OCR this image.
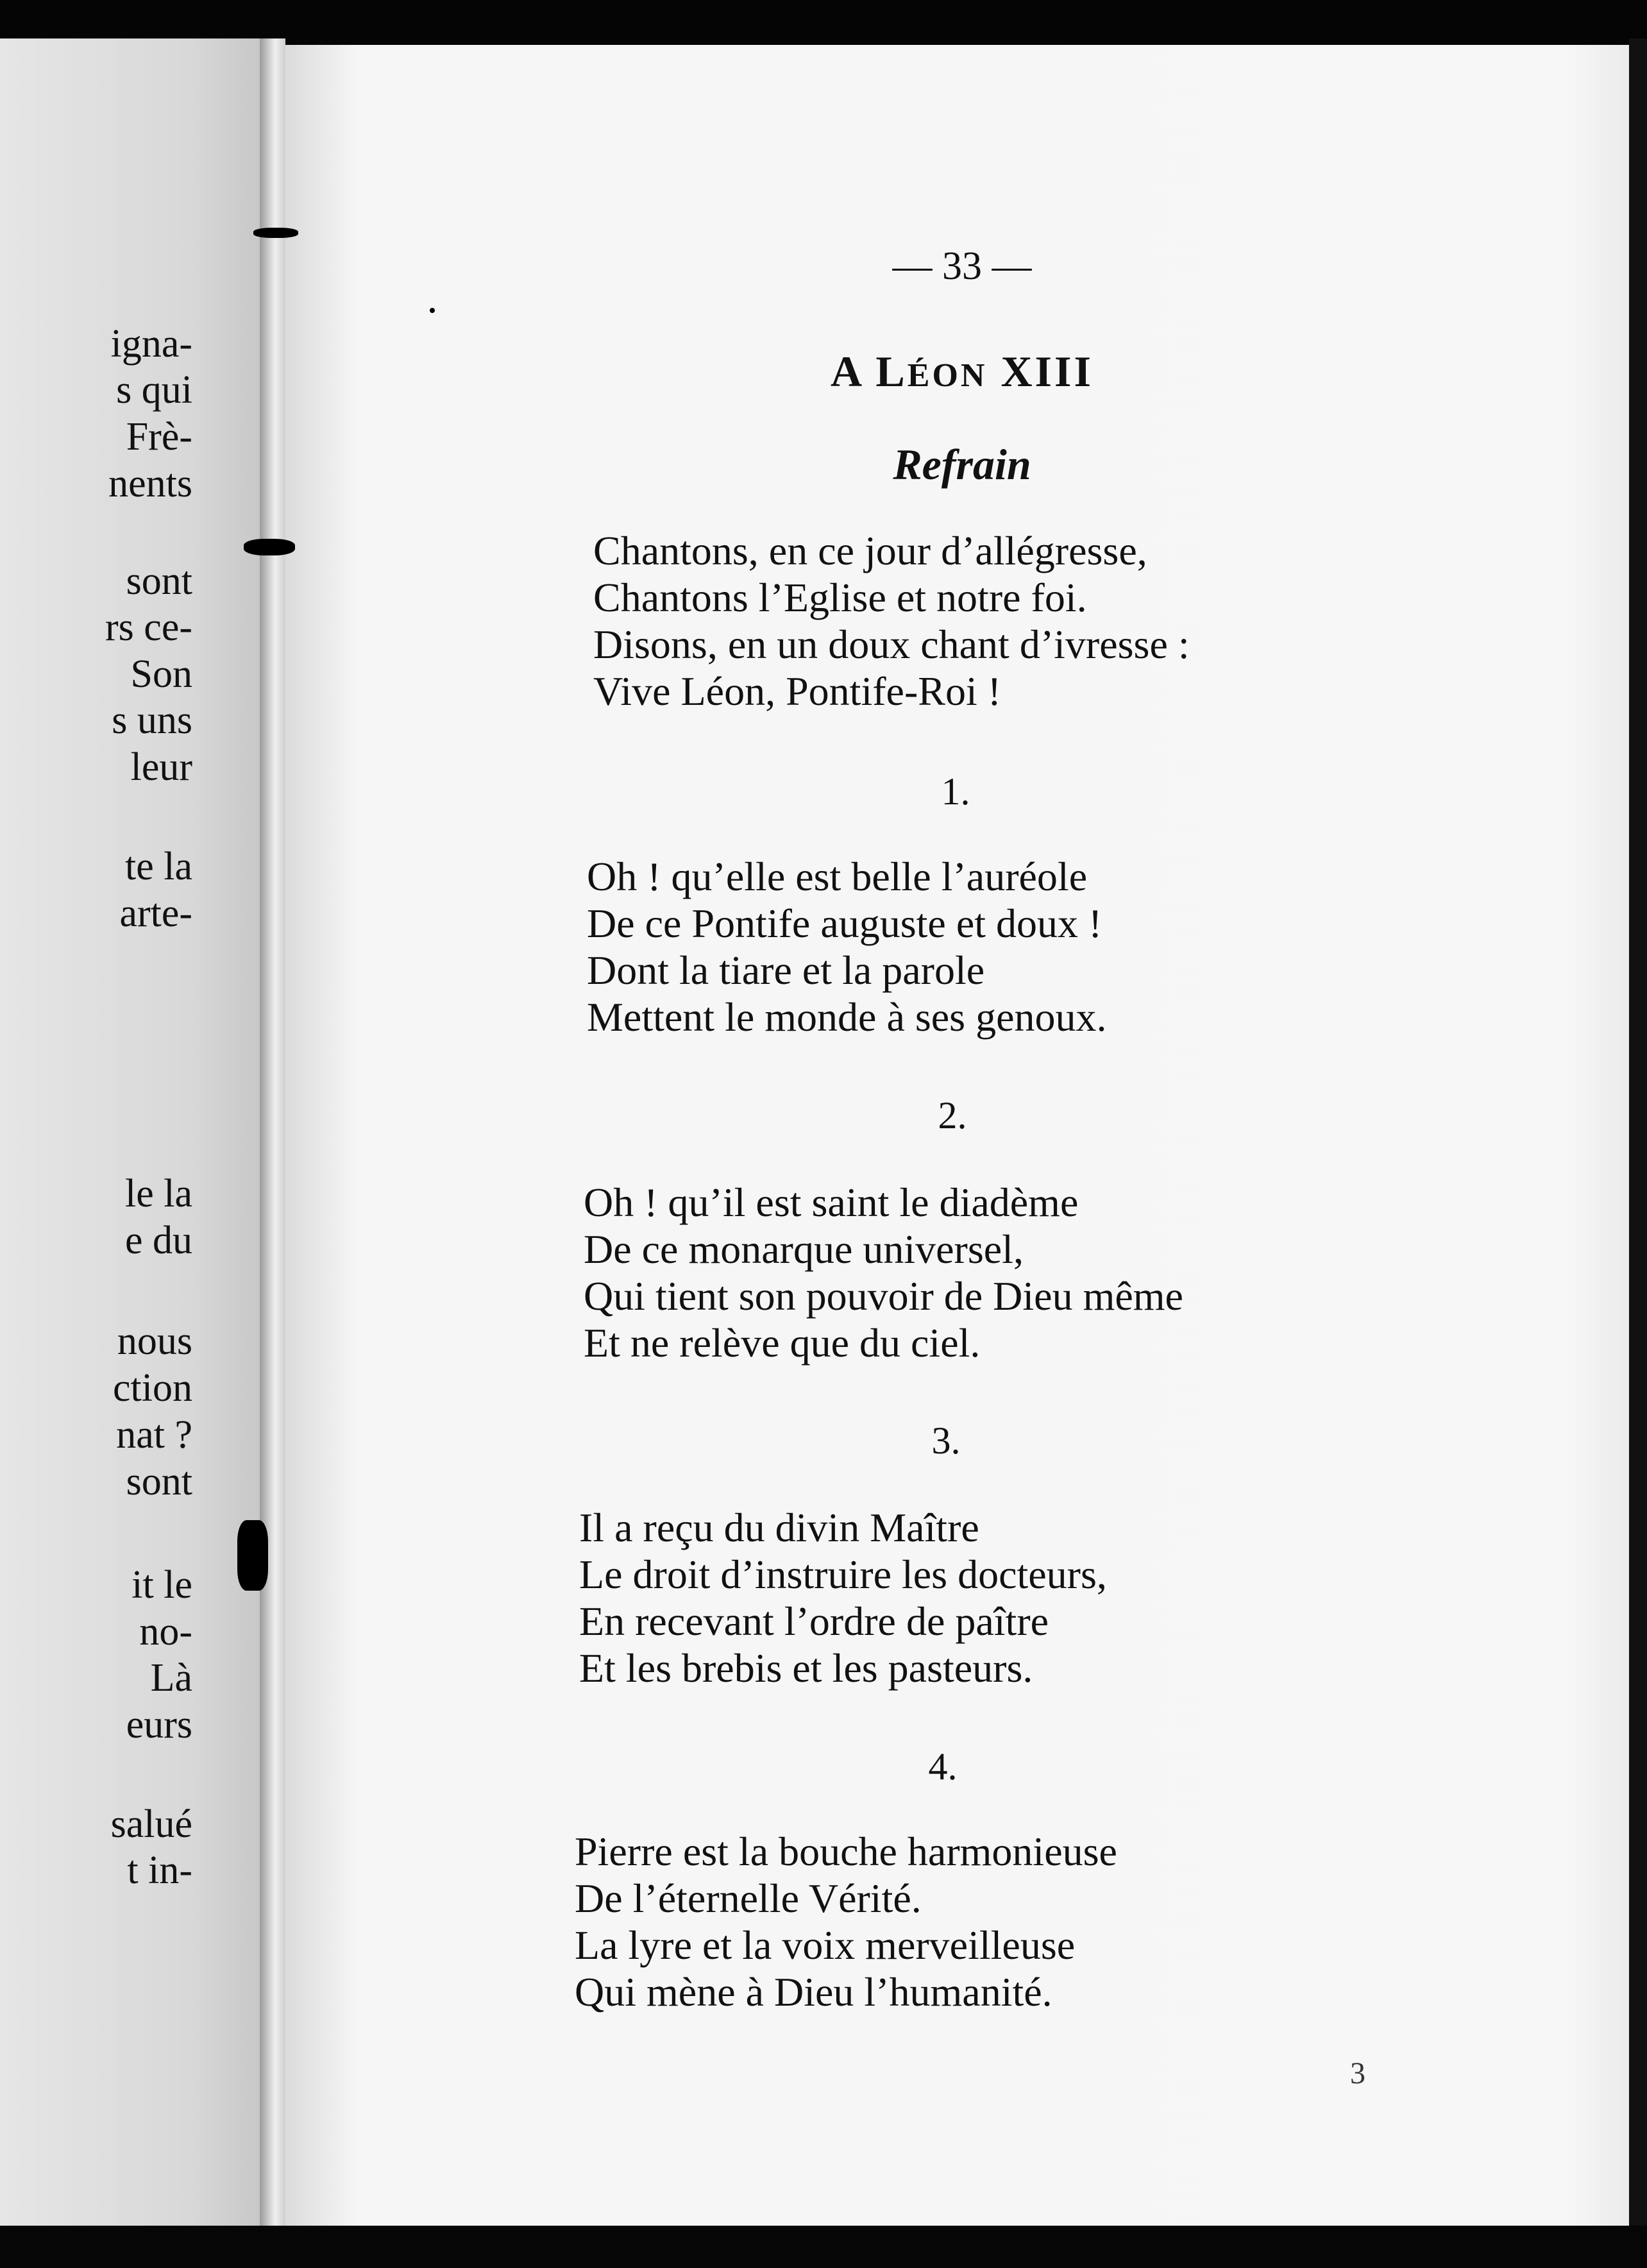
igna-
s qui
Frè-
nents
sont
rs ce-
Son
s uns
leur
te la
arte-
le la
e du
nous
ction
nat ?
sont
it le
no-
Là
eurs
salué
t in-
— 33 —
A LÉON XIII
Refrain
Chantons, en ce jour d’allégresse,
Chantons l’Eglise et notre foi.
Disons, en un doux chant d’ivresse :
Vive Léon, Pontife-Roi !
1.
Oh ! qu’elle est belle l’auréole
De ce Pontife auguste et doux !
Dont la tiare et la parole
Mettent le monde à ses genoux.
2.
Oh ! qu’il est saint le diadème
De ce monarque universel,
Qui tient son pouvoir de Dieu même
Et ne relève que du ciel.
3.
Il a reçu du divin Maître
Le droit d’instruire les docteurs,
En recevant l’ordre de paître
Et les brebis et les pasteurs.
4.
Pierre est la bouche harmonieuse
De l’éternelle Vérité.
La lyre et la voix merveilleuse
Qui mène à Dieu l’humanité.
3
